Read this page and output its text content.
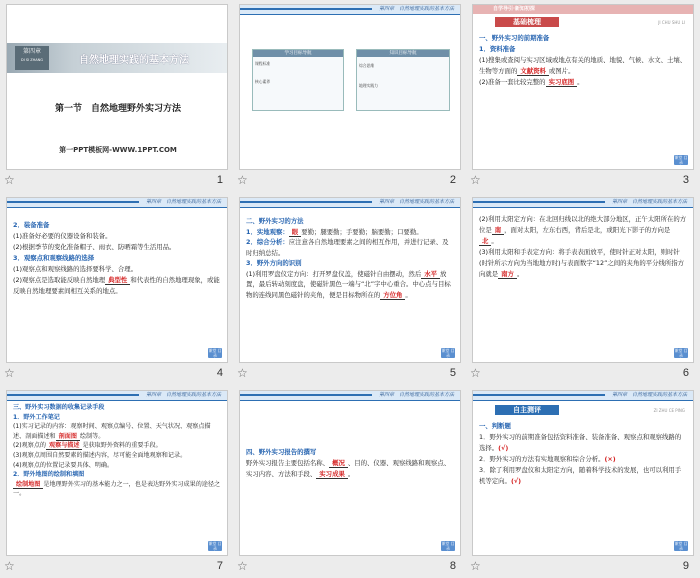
第四章
DI SI ZHANG	自然地理实践的基本方法
第一节　自然地理野外实习方法
第一PPT模板网-WWW.1PPT.COM
☆	1
第四章　自然地理实践的基本方法
学习目标导航
课程标准
核心素养
知识目标导航
综合思维
地理实践力
☆	2
自学导引·新知初探
基础梳理	JI CHU SHU LI

一、野外实习的前期准备

1．资料准备

(1)搜集或查阅与实习区域或地点有关的地质、地貌、气候、水文、土壤、生物等方面的 文献资料 或图片。

(2)准备一套比较完整的 实习底图 。

课堂 目录
☆	3
第四章　自然地理实践的基本方法

2．装备准备

(1)准备好必要的仪器设备和装备。

(2)根据季节的变化准备帽子、雨衣、防晒霜等生活用品。

3．观察点和观察线路的选择

(1)观察点和观察线路的选择要科学、合理。

(2)观察点是选取能反映自然地理 典型性 和代表性的自然地理现象，或能反映自然地理要素间相互关系的地点。

课堂 目录
☆	4
第四章　自然地理实践的基本方法

二、野外实习的方法

1．实地观察： 眼 要勤；腿要勤；手要勤；脑要勤；口要勤。

2．综合分析：应注意各自然地理要素之间的相互作用，并进行记录、及时归纳总结。

3．野外方向的识别

(1)利用罗盘仪定方向：打开罗盘仪盖，使磁针自由摆动，然后 水平 放置，最后转动刻度盘，使磁针黑色一端与“北”字中心重合。中心点与目标物的连线同黑色磁针的夹角，便是目标物所在的 方位角 。

课堂 目录
☆	5
第四章　自然地理实践的基本方法

(2)利用太阳定方向：在北回归线以北的绝大部分地区，正午太阳所在的方位是 南 ，面对太阳，左东右西，背后是北，或阳光下影子的方向是北 。

(3)利用太阳和手表定方向：将手表表面放平，使时针正对太阳，则时针(时针所示方向为当地地方时)与表面数字“12”之间的夹角的平分线所指方向就是 南方 。

课堂 目录
☆	6
第四章　自然地理实践的基本方法

三、野外实习数据的收集记录手段

1．野外工作笔记

(1)实习记录的内容：观察时间、观察点编号、位置、天气状况、观察点描述、剖面描述和 剖面图 绘制等。

(2)观察点的 观察与描述 是获取野外资料的重要手段。

(3)观察点周围自然要素的描述内容，尽可能全面地观察和记录。

(4)观察点的位置记录要具体、明确。

2．野外地图的绘制和填图

绘制地图 是地理野外实习的基本能力之一，也是表达野外实习成果的途径之一。

课堂 目录
☆	7
第四章　自然地理实践的基本方法

四、野外实习报告的撰写

野外实习报告主要包括名称、 概况 、目的、仪器、观察线路和观察点、实习内容、方法和手段、 实习成果 。

课堂 目录
☆	8
第四章　自然地理实践的基本方法
自主测评	ZI ZHU CE PING

一、判断题

1．野外实习的前期准备包括资料准备、装备准备、观察点和观察线路的选择。(√)

2．野外实习的方法有实地观察和综合分析。(×)

3．除了利用罗盘仪和太阳定方向，随着科学技术的发展，也可以利用手机等定向。(√)

课堂 目录
☆	9
